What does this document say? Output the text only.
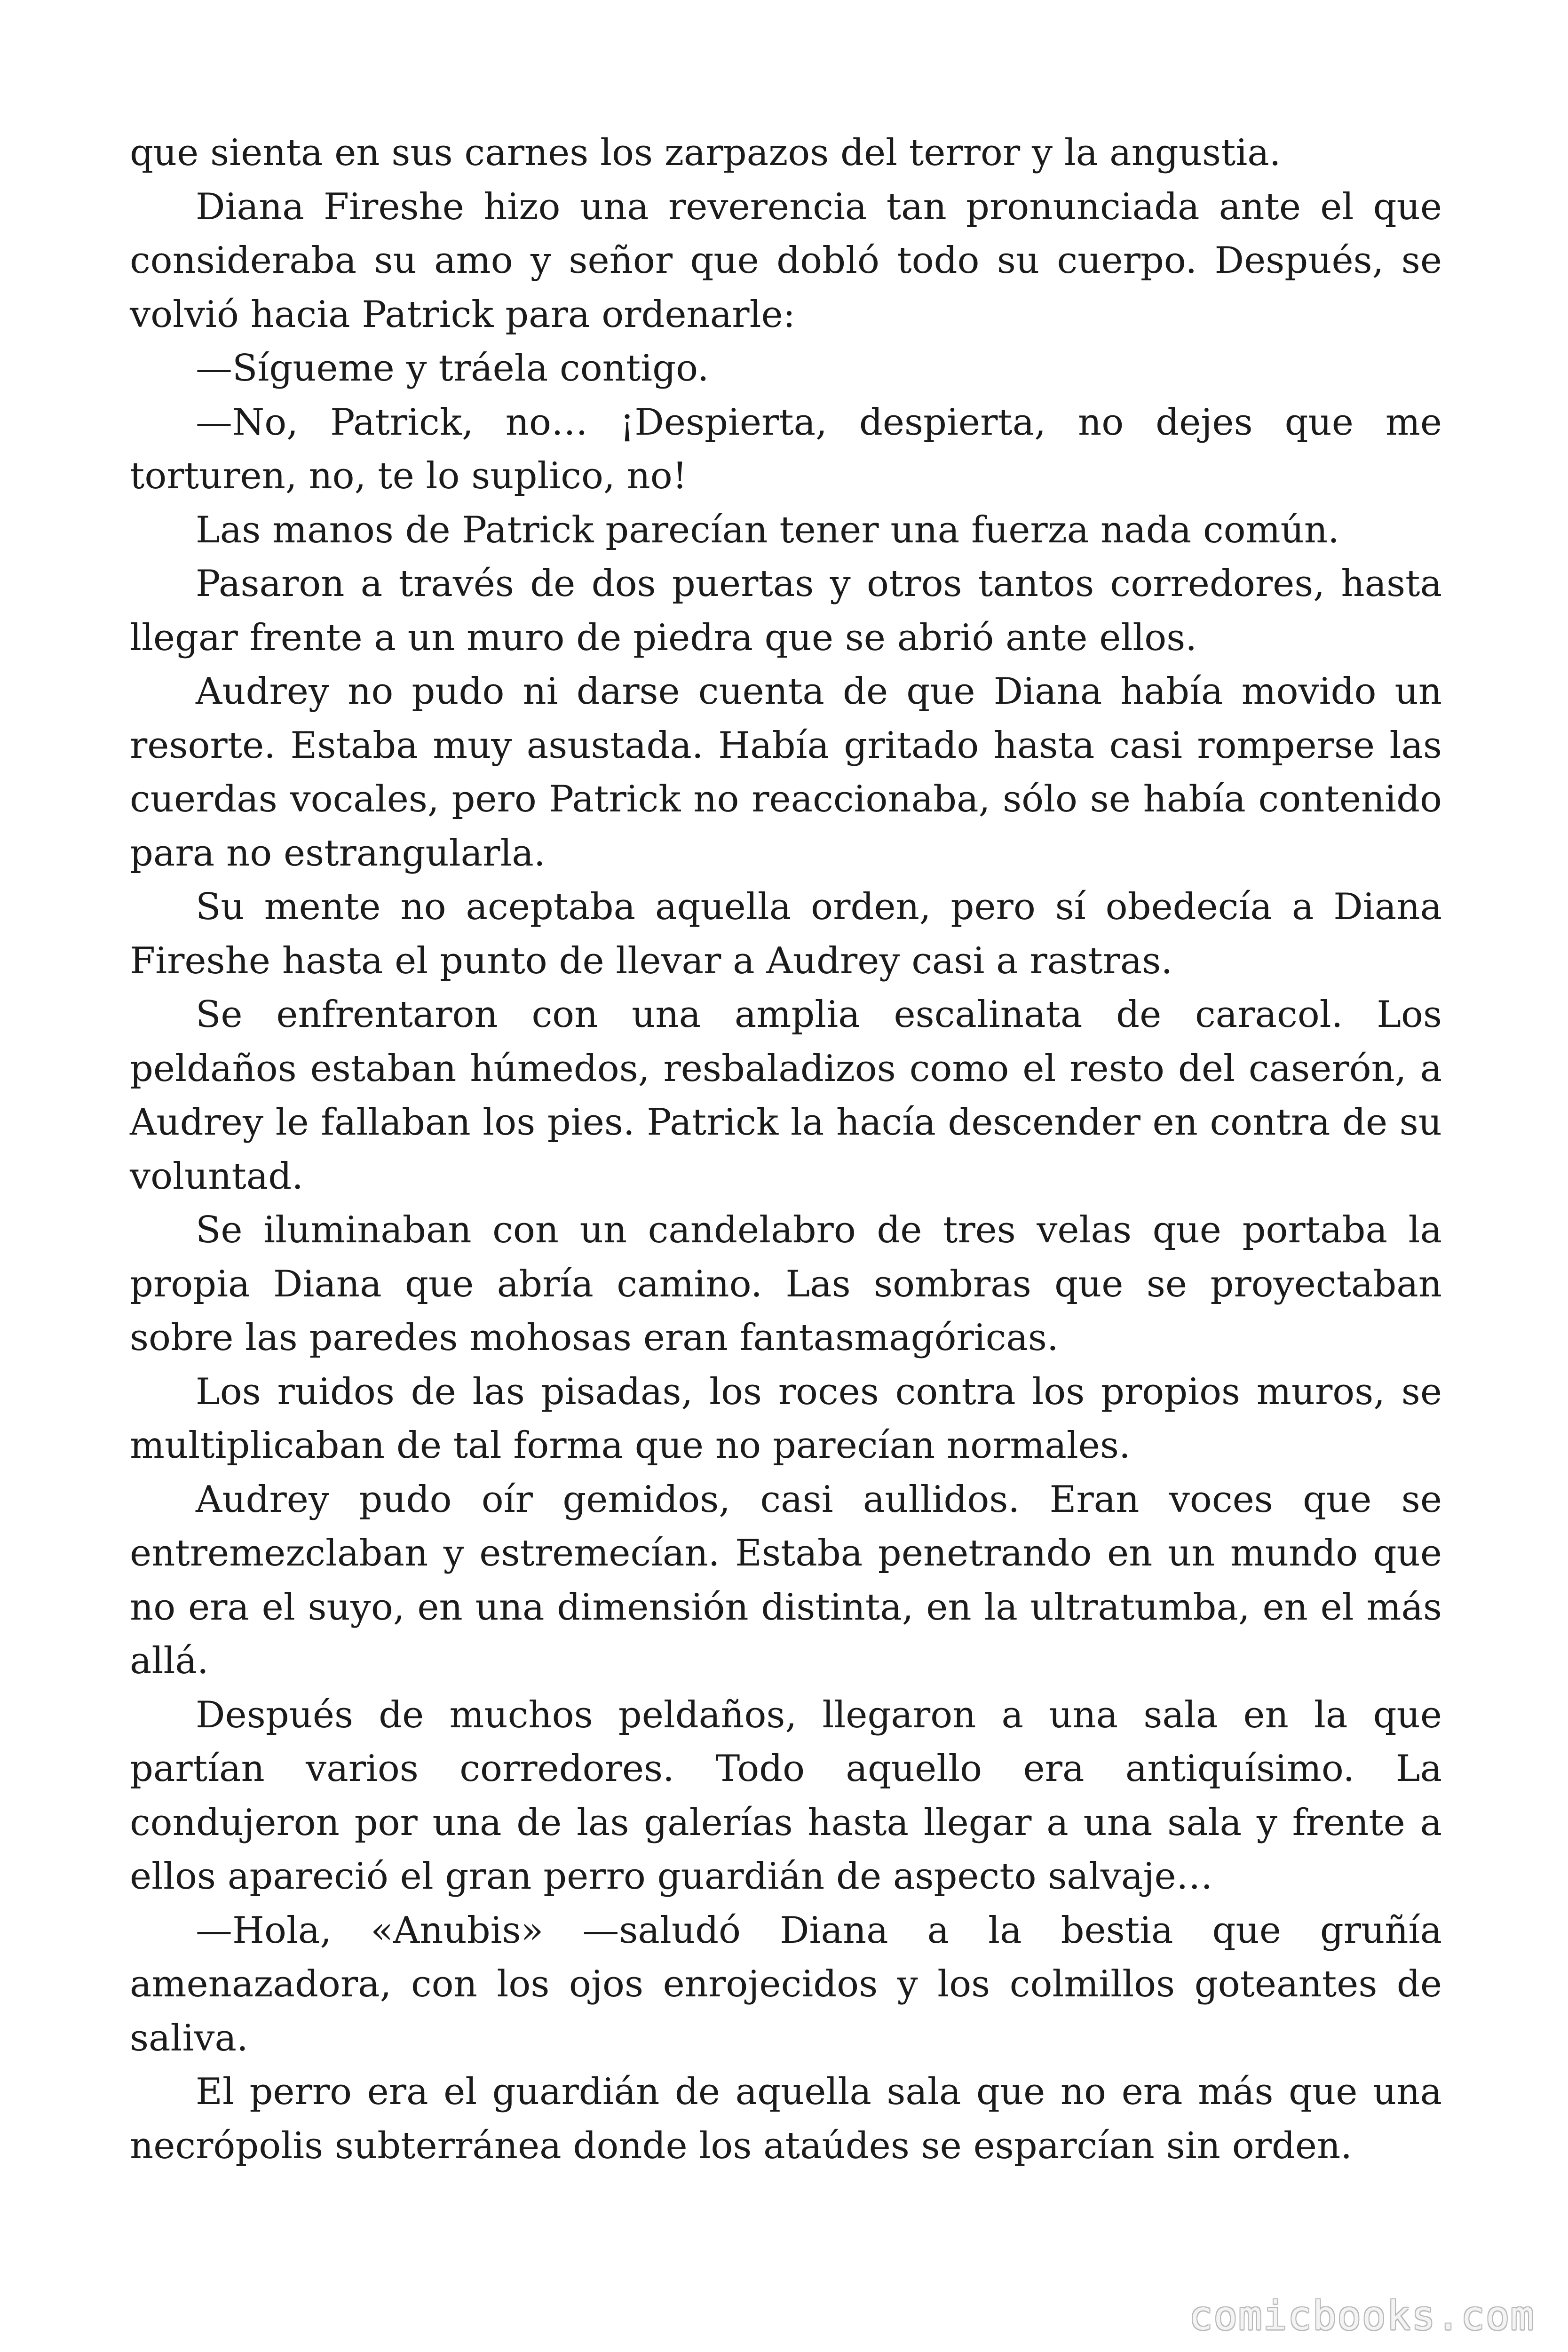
que sienta en sus carnes los zarpazos del terror y la angustia.

Diana Fireshe hizo una reverencia tan pronunciada ante el que consideraba su amo y señor que dobló todo su cuerpo. Después, se volvió hacia Patrick para ordenarle:

—Sígueme y tráela contigo.

—No, Patrick, no… ¡Despierta, despierta, no dejes que me torturen, no, te lo suplico, no!

Las manos de Patrick parecían tener una fuerza nada común.

Pasaron a través de dos puertas y otros tantos corredores, hasta llegar frente a un muro de piedra que se abrió ante ellos.

Audrey no pudo ni darse cuenta de que Diana había movido un resorte. Estaba muy asustada. Había gritado hasta casi romperse las cuerdas vocales, pero Patrick no reaccionaba, sólo se había contenido para no estrangularla.

Su mente no aceptaba aquella orden, pero sí obedecía a Diana Fireshe hasta el punto de llevar a Audrey casi a rastras.

Se enfrentaron con una amplia escalinata de caracol. Los peldaños estaban húmedos, resbaladizos como el resto del caserón, a Audrey le fallaban los pies. Patrick la hacía descender en contra de su voluntad.

Se iluminaban con un candelabro de tres velas que portaba la propia Diana que abría camino. Las sombras que se proyectaban sobre las paredes mohosas eran fantasmagóricas.

Los ruidos de las pisadas, los roces contra los propios muros, se multiplicaban de tal forma que no parecían normales.

Audrey pudo oír gemidos, casi aullidos. Eran voces que se entremezclaban y estremecían. Estaba penetrando en un mundo que no era el suyo, en una dimensión distinta, en la ultratumba, en el más allá.

Después de muchos peldaños, llegaron a una sala en la que partían varios corredores. Todo aquello era antiquísimo. La condujeron por una de las galerías hasta llegar a una sala y frente a ellos apareció el gran perro guardián de aspecto salvaje…

—Hola, «Anubis» —saludó Diana a la bestia que gruñía amenazadora, con los ojos enrojecidos y los colmillos goteantes de saliva.

El perro era el guardián de aquella sala que no era más que una necrópolis subterránea donde los ataúdes se esparcían sin orden.

comicbooks.com
